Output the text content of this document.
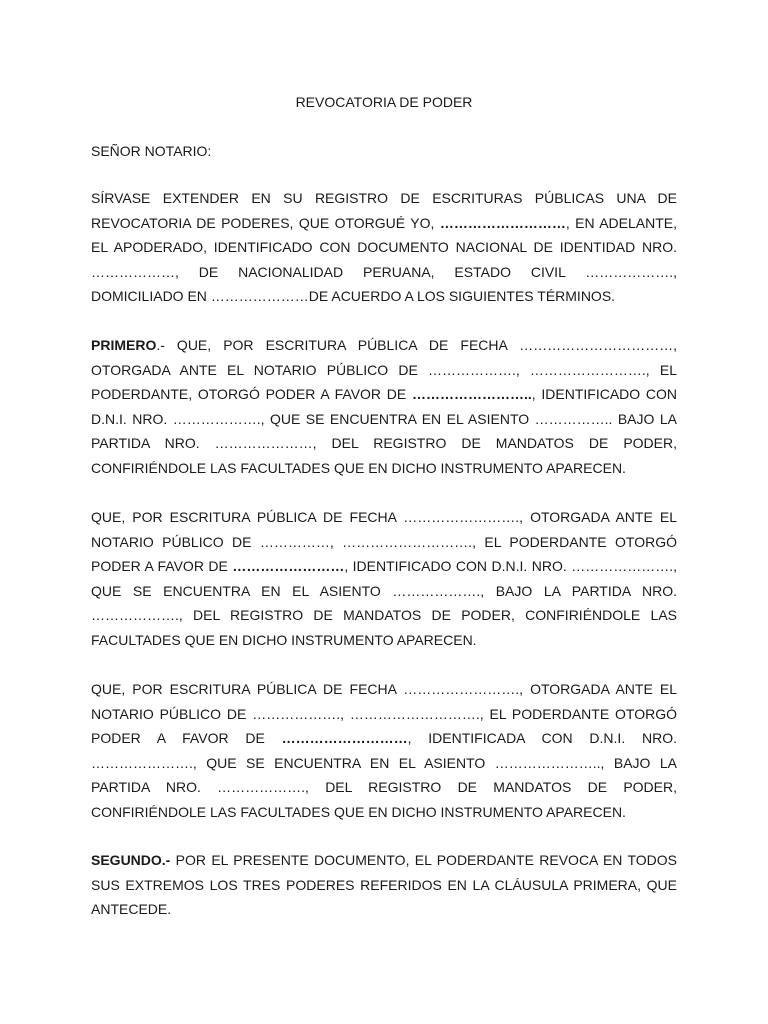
REVOCATORIA DE PODER

SEÑOR NOTARIO:

SÍRVASE EXTENDER EN SU REGISTRO DE ESCRITURAS PÚBLICAS UNA DE REVOCATORIA DE PODERES, QUE OTORGUÉ YO, ………………………, EN ADELANTE, EL APODERADO, IDENTIFICADO CON DOCUMENTO NACIONAL DE IDENTIDAD NRO. ………………, DE NACIONALIDAD PERUANA, ESTADO CIVIL ………………., DOMICILIADO EN …………………DE ACUERDO A LOS SIGUIENTES TÉRMINOS.

PRIMERO.- QUE, POR ESCRITURA PÚBLICA DE FECHA ……………………………, OTORGADA ANTE EL NOTARIO PÚBLICO DE ………………., ……………………., EL PODERDANTE, OTORGÓ PODER A FAVOR DE …………………….., IDENTIFICADO CON D.N.I. NRO. ………………., QUE SE ENCUENTRA EN EL ASIENTO …………….. BAJO LA PARTIDA NRO. …………………, DEL REGISTRO DE MANDATOS DE PODER, CONFIRIÉNDOLE LAS FACULTADES QUE EN DICHO INSTRUMENTO APARECEN.

QUE, POR ESCRITURA PÚBLICA DE FECHA ……………………., OTORGADA ANTE EL NOTARIO PÚBLICO DE ……………, ………………………., EL PODERDANTE OTORGÓ PODER A FAVOR DE ……………………, IDENTIFICADO CON D.N.I. NRO. …………………., QUE SE ENCUENTRA EN EL ASIENTO ………………., BAJO LA PARTIDA NRO. ………………., DEL REGISTRO DE MANDATOS DE PODER, CONFIRIÉNDOLE LAS FACULTADES QUE EN DICHO INSTRUMENTO APARECEN.

QUE, POR ESCRITURA PÚBLICA DE FECHA ……………………., OTORGADA ANTE EL NOTARIO PÚBLICO DE ………………., ………………………., EL PODERDANTE OTORGÓ PODER A FAVOR DE ………………………, IDENTIFICADA CON D.N.I. NRO. …………………., QUE SE ENCUENTRA EN EL ASIENTO ………………….., BAJO LA PARTIDA NRO. ………………., DEL REGISTRO DE MANDATOS DE PODER, CONFIRIÉNDOLE LAS FACULTADES QUE EN DICHO INSTRUMENTO APARECEN.

SEGUNDO.- POR EL PRESENTE DOCUMENTO, EL PODERDANTE REVOCA EN TODOS SUS EXTREMOS LOS TRES PODERES REFERIDOS EN LA CLÁUSULA PRIMERA, QUE ANTECEDE.
